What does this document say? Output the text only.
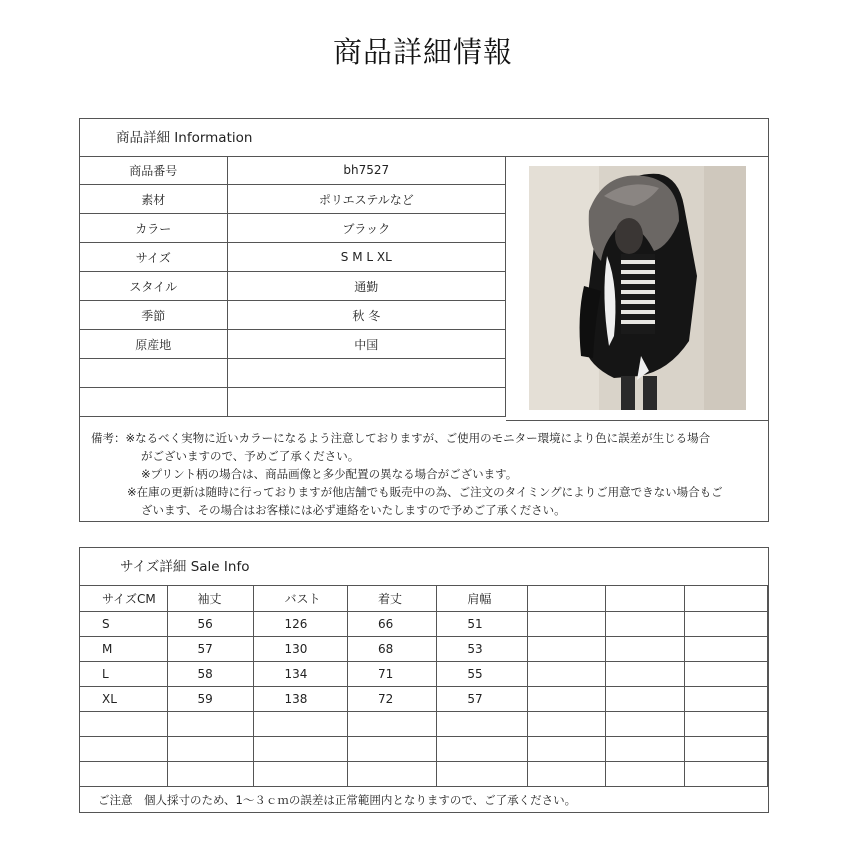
商品詳細情報
商品詳細 Information
商品番号	bh7527
素材	ポリエステルなど
カラー	ブラック
サイズ	S M L XL
スタイル	通勤
季節	秋 冬
原産地	中国

備考：※なるべく実物に近いカラーになるよう注意しておりますが、ご使用のモニター環境により色に誤差が生じる場合
がございますので、予めご了承ください。
※プリント柄の場合は、商品画像と多少配置の異なる場合がございます。
※在庫の更新は随時に行っておりますが他店舗でも販売中の為、ご注文のタイミングによりご用意できない場合もご
ざいます、その場合はお客様には必ず連絡をいたしますので予めご了承ください。
サイズ詳細 Sale Info
サイズCM	袖丈	バスト	着丈	肩幅			
S	56	126	66	51			
M	57	130	68	53			
L	58	134	71	55			
XL	59	138	72	57			

ご注意　個人採寸のため、1～３ｃｍの誤差は正常範囲内となりますので、ご了承ください。
